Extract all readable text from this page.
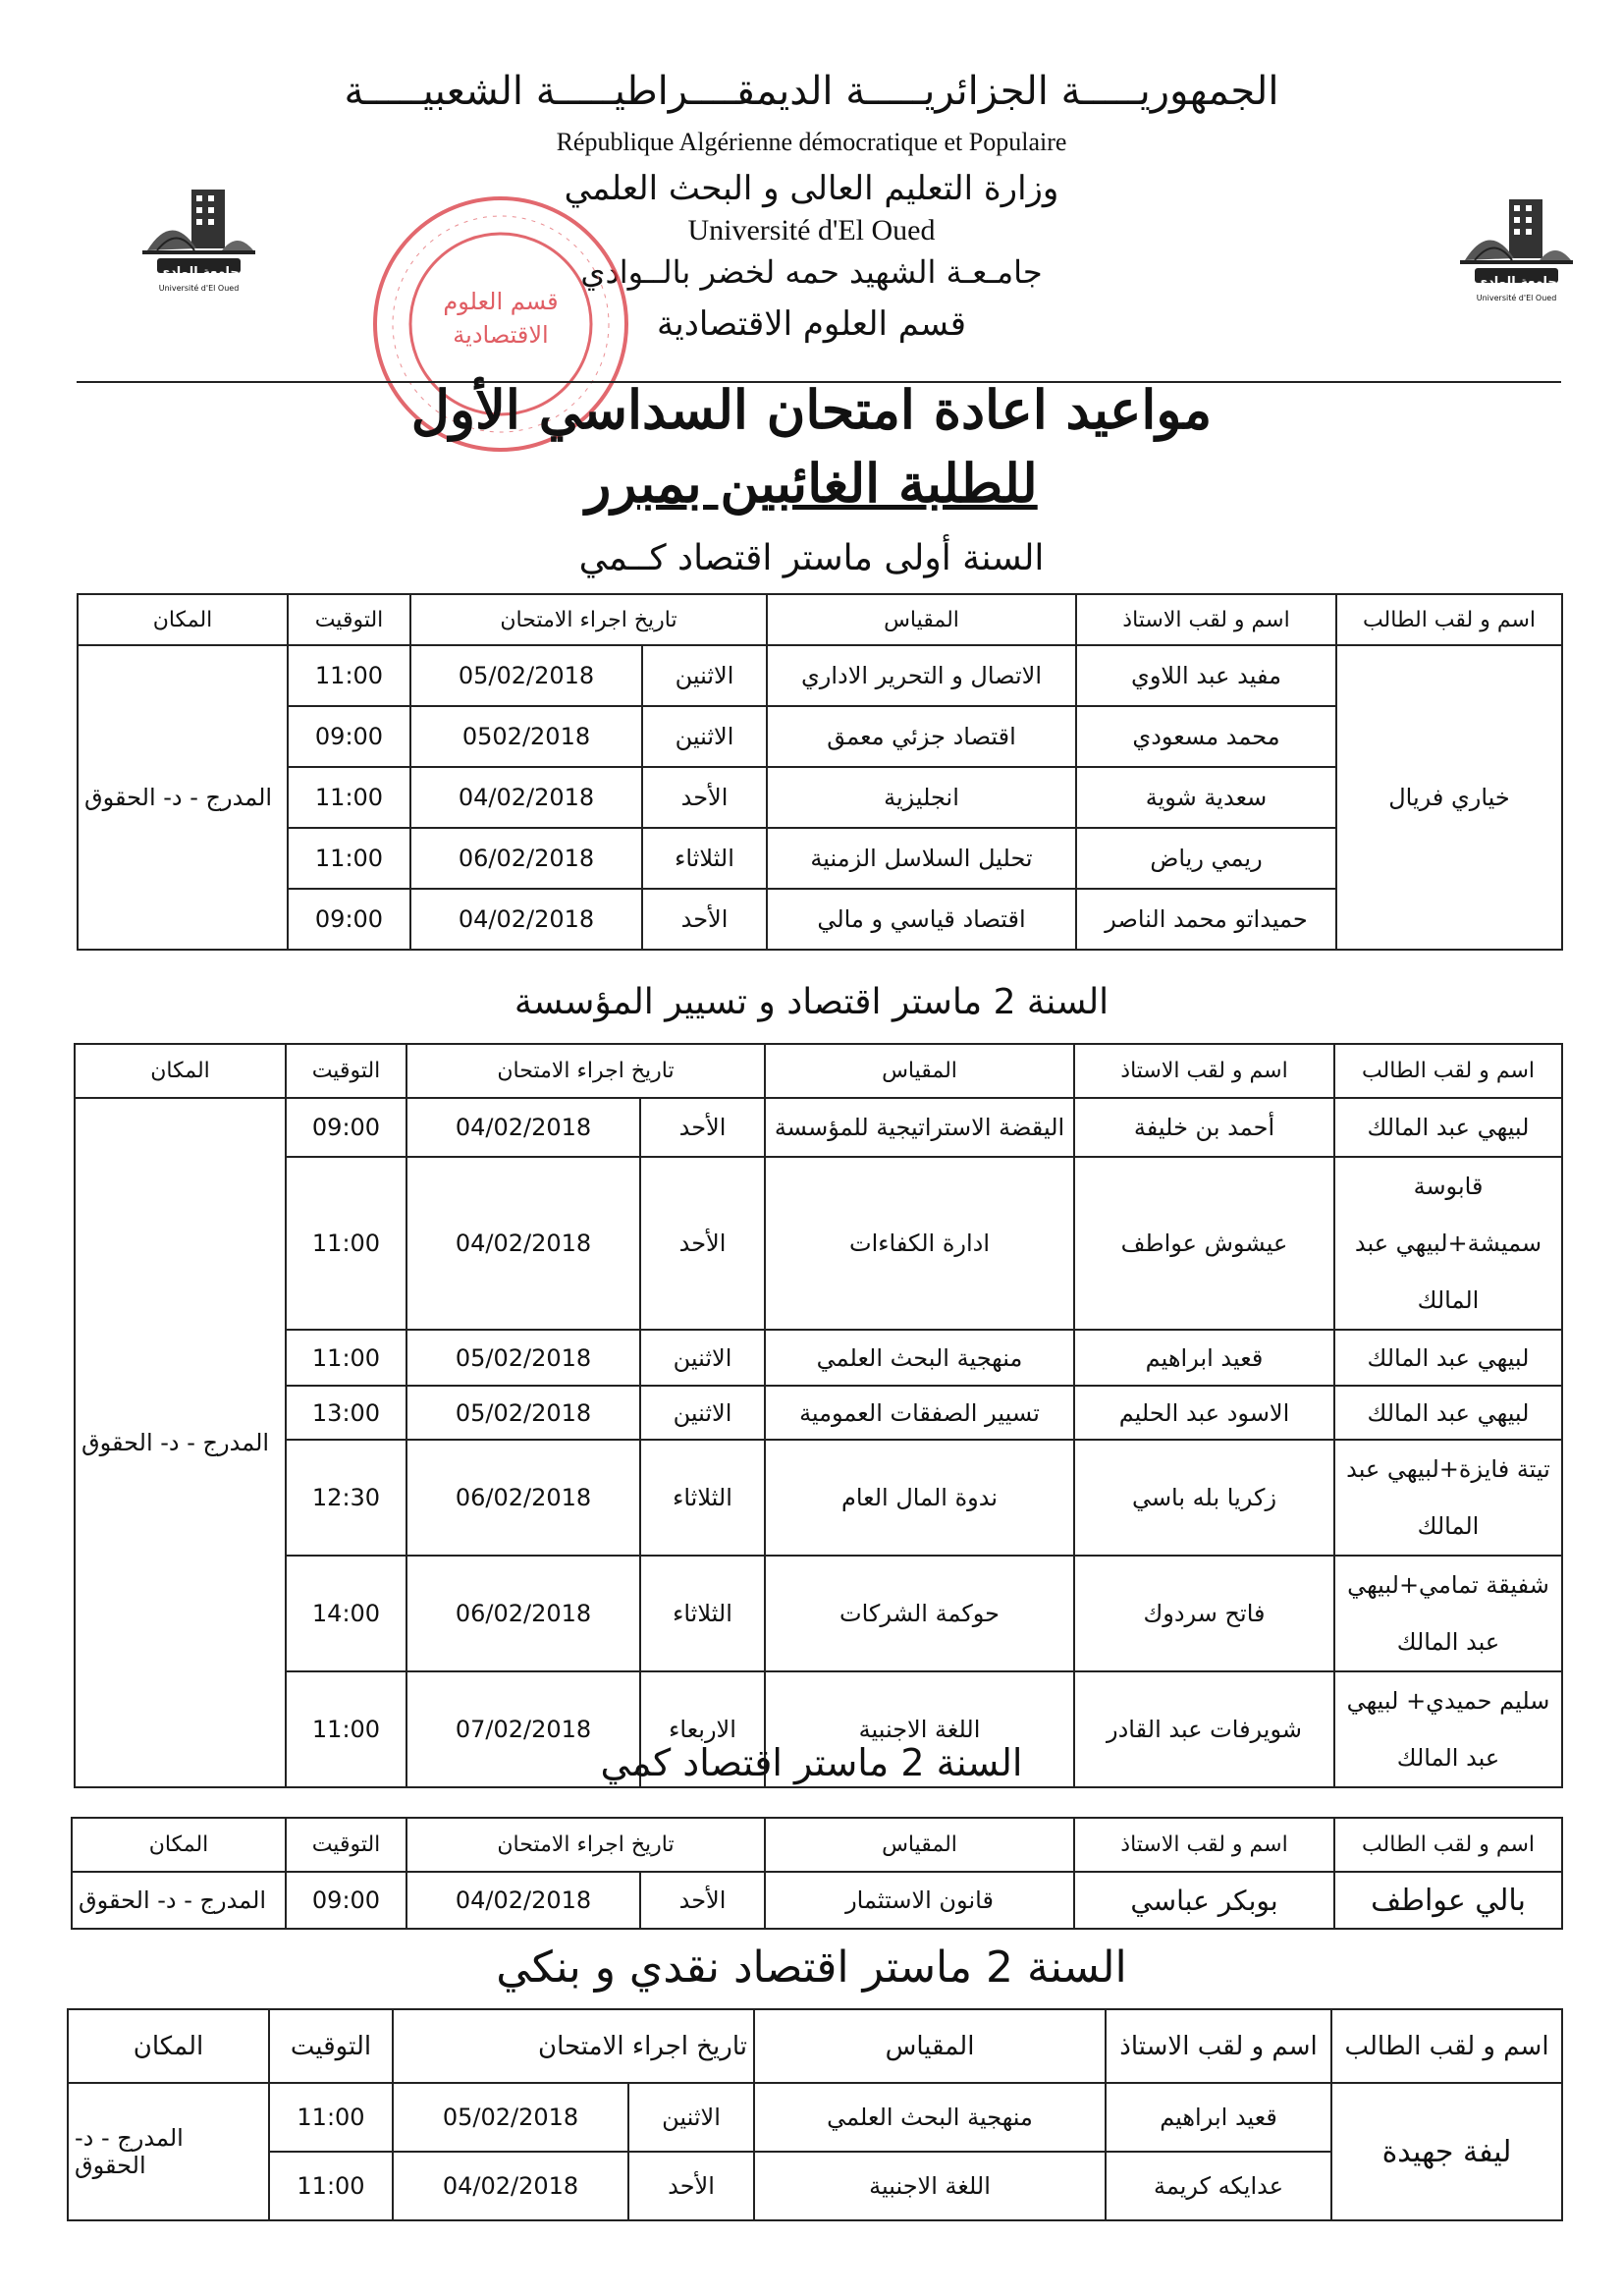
الجمهوريـــــة الجزائريـــــة الديمقــــراطيـــــة الشعبيـــــة
République Algérienne démocratique et Populaire
وزارة التعليم العالى و البحث العلمي
Université d'El Oued
جامـعـة الشهيد حمه لخضر بالــوادي
قسم العلوم الاقتصادية
جامعة الوادي
Université d'El Oued	جامعة الوادي
Université d'El Oued
قسم العلوم الاقتصادية
مواعيد اعادة امتحان السداسي الأول
للطلبة الغائبين بمبرر
السنة أولى ماستر اقتصاد كــمي
اسم و لقب الطالب	اسم و لقب الاستاذ	المقياس	تاريخ اجراء الامتحان		التوقيت	المكان
خياري فريال	مفيد عبد اللاوي	الاتصال و التحرير الاداري	الاثنين	05/02/2018	11:00	المدرج - د- الحقوق
	محمد مسعودي	اقتصاد جزئي معمق	الاثنين	0502/2018	09:00	
	سعدية شوية	انجليزية	الأحد	04/02/2018	11:00	
	ريمي رياض	تحليل السلاسل الزمنية	الثلاثاء	06/02/2018	11:00	
	حميداتو محمد الناصر	اقتصاد قياسي و مالي	الأحد	04/02/2018	09:00	
السنة 2 ماستر اقتصاد و تسيير المؤسسة
اسم و لقب الطالب	اسم و لقب الاستاذ	المقياس	تاريخ اجراء الامتحان		التوقيت	المكان
لبيهي عبد المالك	أحمد بن خليفة	اليقضة الاستراتيجية للمؤسسة	الأحد	04/02/2018	09:00	المدرج - د- الحقوق
قابوسة سميشة+لبيهي عبد المالك	عيشوش عواطف	ادارة الكفاءات	الأحد	04/02/2018	11:00	
لبيهي عبد المالك	قعيد ابراهيم	منهجية البحث العلمي	الاثنين	05/02/2018	11:00	
لبيهي عبد المالك	الاسود عبد الحليم	تسيير الصفقات العمومية	الاثنين	05/02/2018	13:00	
تيتة فايزة+لبيهي عبد المالك	زكريا بله باسي	ندوة المال العام	الثلاثاء	06/02/2018	12:30	
شفيقة تمامي+لبيهي عبد المالك	فاتح سردوك	حوكمة الشركات	الثلاثاء	06/02/2018	14:00	
سليم حميدي+ لبيهي عبد المالك	شويرفات عبد القادر	اللغة الاجنبية	الاربعاء	07/02/2018	11:00	
السنة 2 ماستر اقتصاد كمي
اسم و لقب الطالب	اسم و لقب الاستاذ	المقياس	تاريخ اجراء الامتحان		التوقيت	المكان
بالي عواطف	بوبكر عباسي	قانون الاستثمار	الأحد	04/02/2018	09:00	المدرج - د- الحقوق
السنة 2 ماستر اقتصاد نقدي و بنكي
اسم و لقب الطالب	اسم و لقب الاستاذ	المقياس	تاريخ اجراء الامتحان		التوقيت	المكان
ليفة جهيدة	قعيد ابراهيم	منهجية البحث العلمي	الاثنين	05/02/2018	11:00	المدرج - د- الحقوق
	عدايكه كريمة	اللغة الاجنبية	الأحد	04/02/2018	11:00	
